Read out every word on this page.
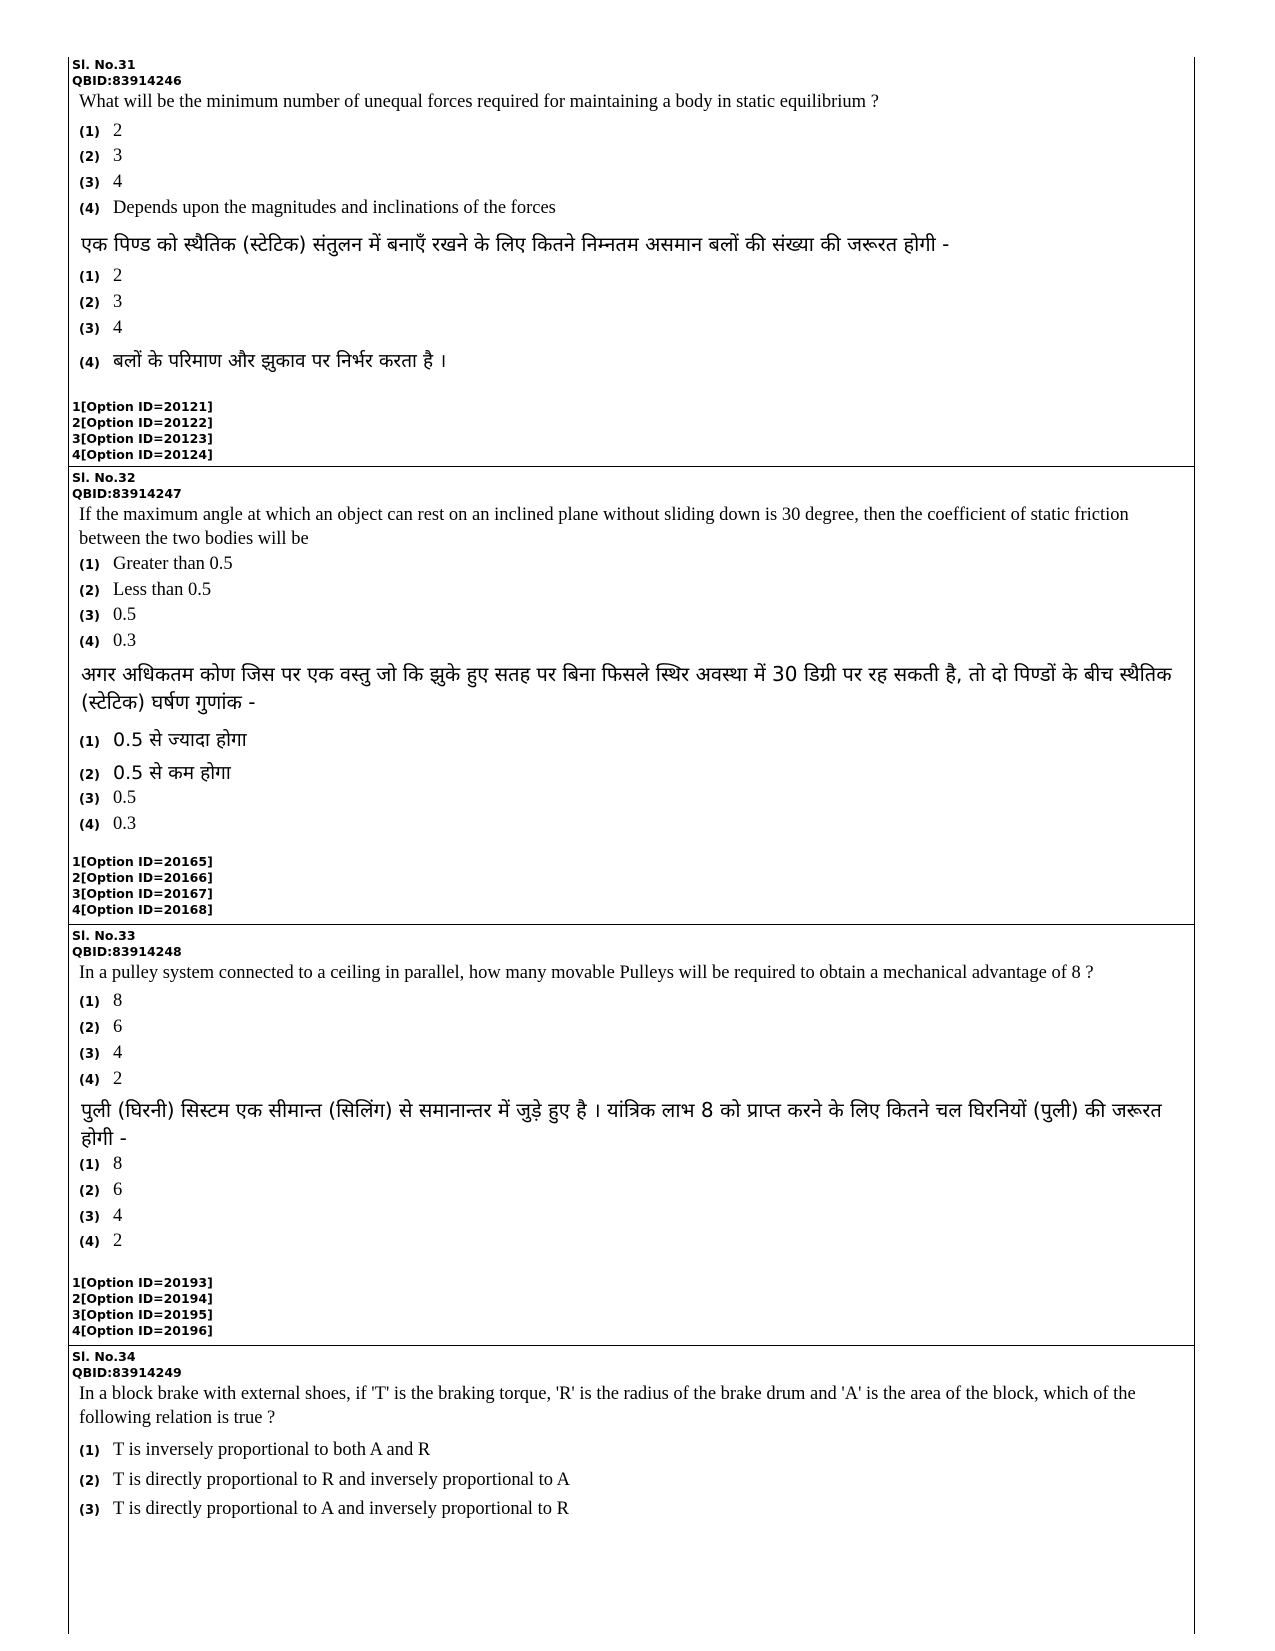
Sl. No.31
QBID:83914246
What will be the minimum number of unequal forces required for maintaining a body in static equilibrium ?
(1) 2
(2) 3
(3) 4
(4) Depends upon the magnitudes and inclinations of the forces
एक पिण्ड को स्थैतिक (स्टेटिक) संतुलन में बनाएँ रखने के लिए कितने निम्नतम असमान बलों की संख्या की जरूरत होगी -
(1) 2
(2) 3
(3) 4
(4) बलों के परिमाण और झुकाव पर निर्भर करता है ।
1[Option ID=20121]
2[Option ID=20122]
3[Option ID=20123]
4[Option ID=20124]
Sl. No.32
QBID:83914247
If the maximum angle at which an object can rest on an inclined plane without sliding down is 30 degree, then the coefficient of static friction between the two bodies will be
(1) Greater than 0.5
(2) Less than 0.5
(3) 0.5
(4) 0.3
अगर अधिकतम कोण जिस पर एक वस्तु जो कि झुके हुए सतह पर बिना फिसले स्थिर अवस्था में 30 डिग्री पर रह सकती है, तो दो पिण्डों के बीच स्थैतिक (स्टेटिक) घर्षण गुणांक -
(1) 0.5 से ज्यादा होगा
(2) 0.5 से कम होगा
(3) 0.5
(4) 0.3
1[Option ID=20165]
2[Option ID=20166]
3[Option ID=20167]
4[Option ID=20168]
Sl. No.33
QBID:83914248
In a pulley system connected to a ceiling in parallel, how many movable Pulleys will be required to obtain a mechanical advantage of 8 ?
(1) 8
(2) 6
(3) 4
(4) 2
पुली (घिरनी) सिस्टम एक सीमान्त (सिलिंग) से समानान्तर में जुड़े हुए है । यांत्रिक लाभ 8 को प्राप्त करने के लिए कितने चल घिरनियों (पुली) की जरूरत होगी -
(1) 8
(2) 6
(3) 4
(4) 2
1[Option ID=20193]
2[Option ID=20194]
3[Option ID=20195]
4[Option ID=20196]
Sl. No.34
QBID:83914249
In a block brake with external shoes, if 'T' is the braking torque, 'R' is the radius of the brake drum and 'A' is the area of the block, which of the following relation is true ?
(1) T is inversely proportional to both A and R
(2) T is directly proportional to R and inversely proportional to A
(3) T is directly proportional to A and inversely proportional to R
